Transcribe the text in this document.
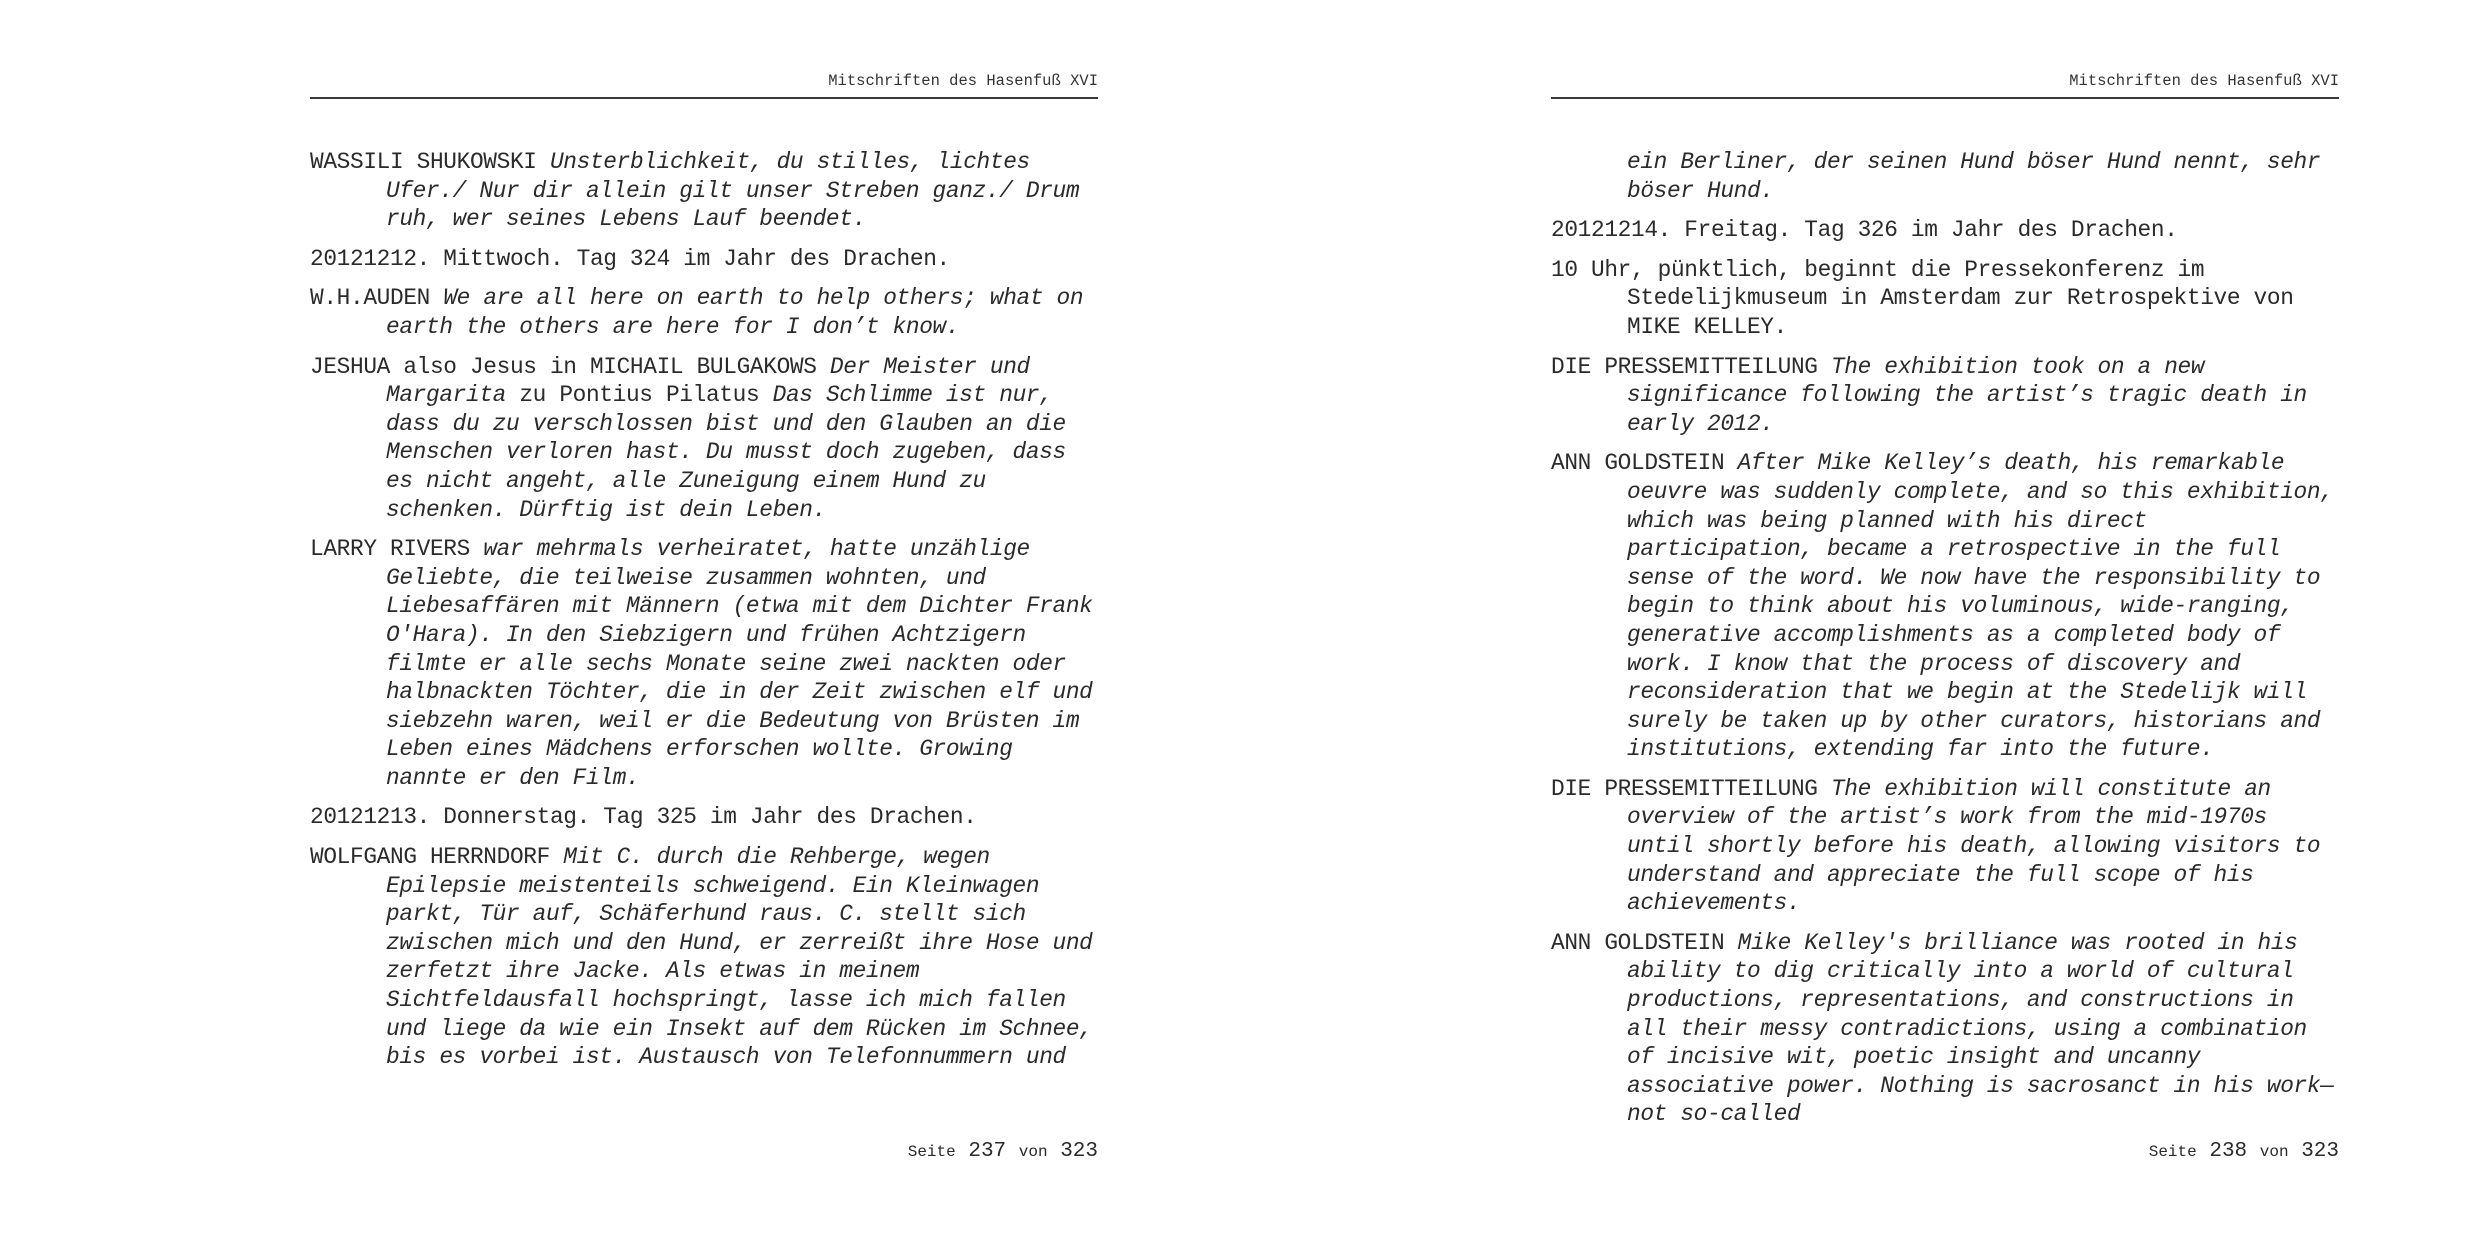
Mitschriften des Hasenfuß XVI

WASSILI SHUKOWSKI Unsterblichkeit, du stilles, lichtes Ufer./ Nur dir allein gilt unser Streben ganz./ Drum ruh, wer seines Lebens Lauf beendet.

20121212. Mittwoch. Tag 324 im Jahr des Drachen.

W.H.AUDEN We are all here on earth to help others; what on earth the others are here for I don’t know.

JESHUA also Jesus in MICHAIL BULGAKOWS Der Meister und Margarita zu Pontius Pilatus Das Schlimme ist nur, dass du zu verschlossen bist und den Glauben an die Menschen verloren hast. Du musst doch zugeben, dass es nicht angeht, alle Zuneigung einem Hund zu schenken. Dürftig ist dein Leben.

LARRY RIVERS war mehrmals verheiratet, hatte unzählige Geliebte, die teilweise zusammen wohnten, und Liebesaffären mit Männern (etwa mit dem Dichter Frank O'Hara). In den Siebzigern und frühen Achtzigern filmte er alle sechs Monate seine zwei nackten oder halbnackten Töchter, die in der Zeit zwischen elf und siebzehn waren, weil er die Bedeutung von Brüsten im Leben eines Mädchens erforschen wollte. Growing nannte er den Film.

20121213. Donnerstag. Tag 325 im Jahr des Drachen.

WOLFGANG HERRNDORF Mit C. durch die Rehberge, wegen Epilepsie meistenteils schweigend. Ein Kleinwagen parkt, Tür auf, Schäferhund raus. C. stellt sich zwischen mich und den Hund, er zerreißt ihre Hose und zerfetzt ihre Jacke. Als etwas in meinem Sichtfeldausfall hochspringt, lasse ich mich fallen und liege da wie ein Insekt auf dem Rücken im Schnee, bis es vorbei ist. Austausch von Telefonnummern und

Seite 237 von 323
Mitschriften des Hasenfuß XVI

ein Berliner, der seinen Hund böser Hund nennt, sehr böser Hund.

20121214. Freitag. Tag 326 im Jahr des Drachen.

10 Uhr, pünktlich, beginnt die Pressekonferenz im Stedelijkmuseum in Amsterdam zur Retrospektive von MIKE KELLEY.

DIE PRESSEMITTEILUNG The exhibition took on a new significance following the artist’s tragic death in early 2012.

ANN GOLDSTEIN After Mike Kelley’s death, his remarkable oeuvre was suddenly complete, and so this exhibition, which was being planned with his direct participation, became a retrospective in the full sense of the word. We now have the responsibility to begin to think about his voluminous, wide-ranging, generative accomplishments as a completed body of work. I know that the process of discovery and reconsideration that we begin at the Stedelijk will surely be taken up by other curators, historians and institutions, extending far into the future.

DIE PRESSEMITTEILUNG The exhibition will constitute an overview of the artist’s work from the mid-1970s until shortly before his death, allowing visitors to understand and appreciate the full scope of his achievements.

ANN GOLDSTEIN Mike Kelley's brilliance was rooted in his ability to dig critically into a world of cultural productions, representations, and constructions in all their messy contradictions, using a combination of incisive wit, poetic insight and uncanny associative power. Nothing is sacrosanct in his work—not so-called

Seite 238 von 323
